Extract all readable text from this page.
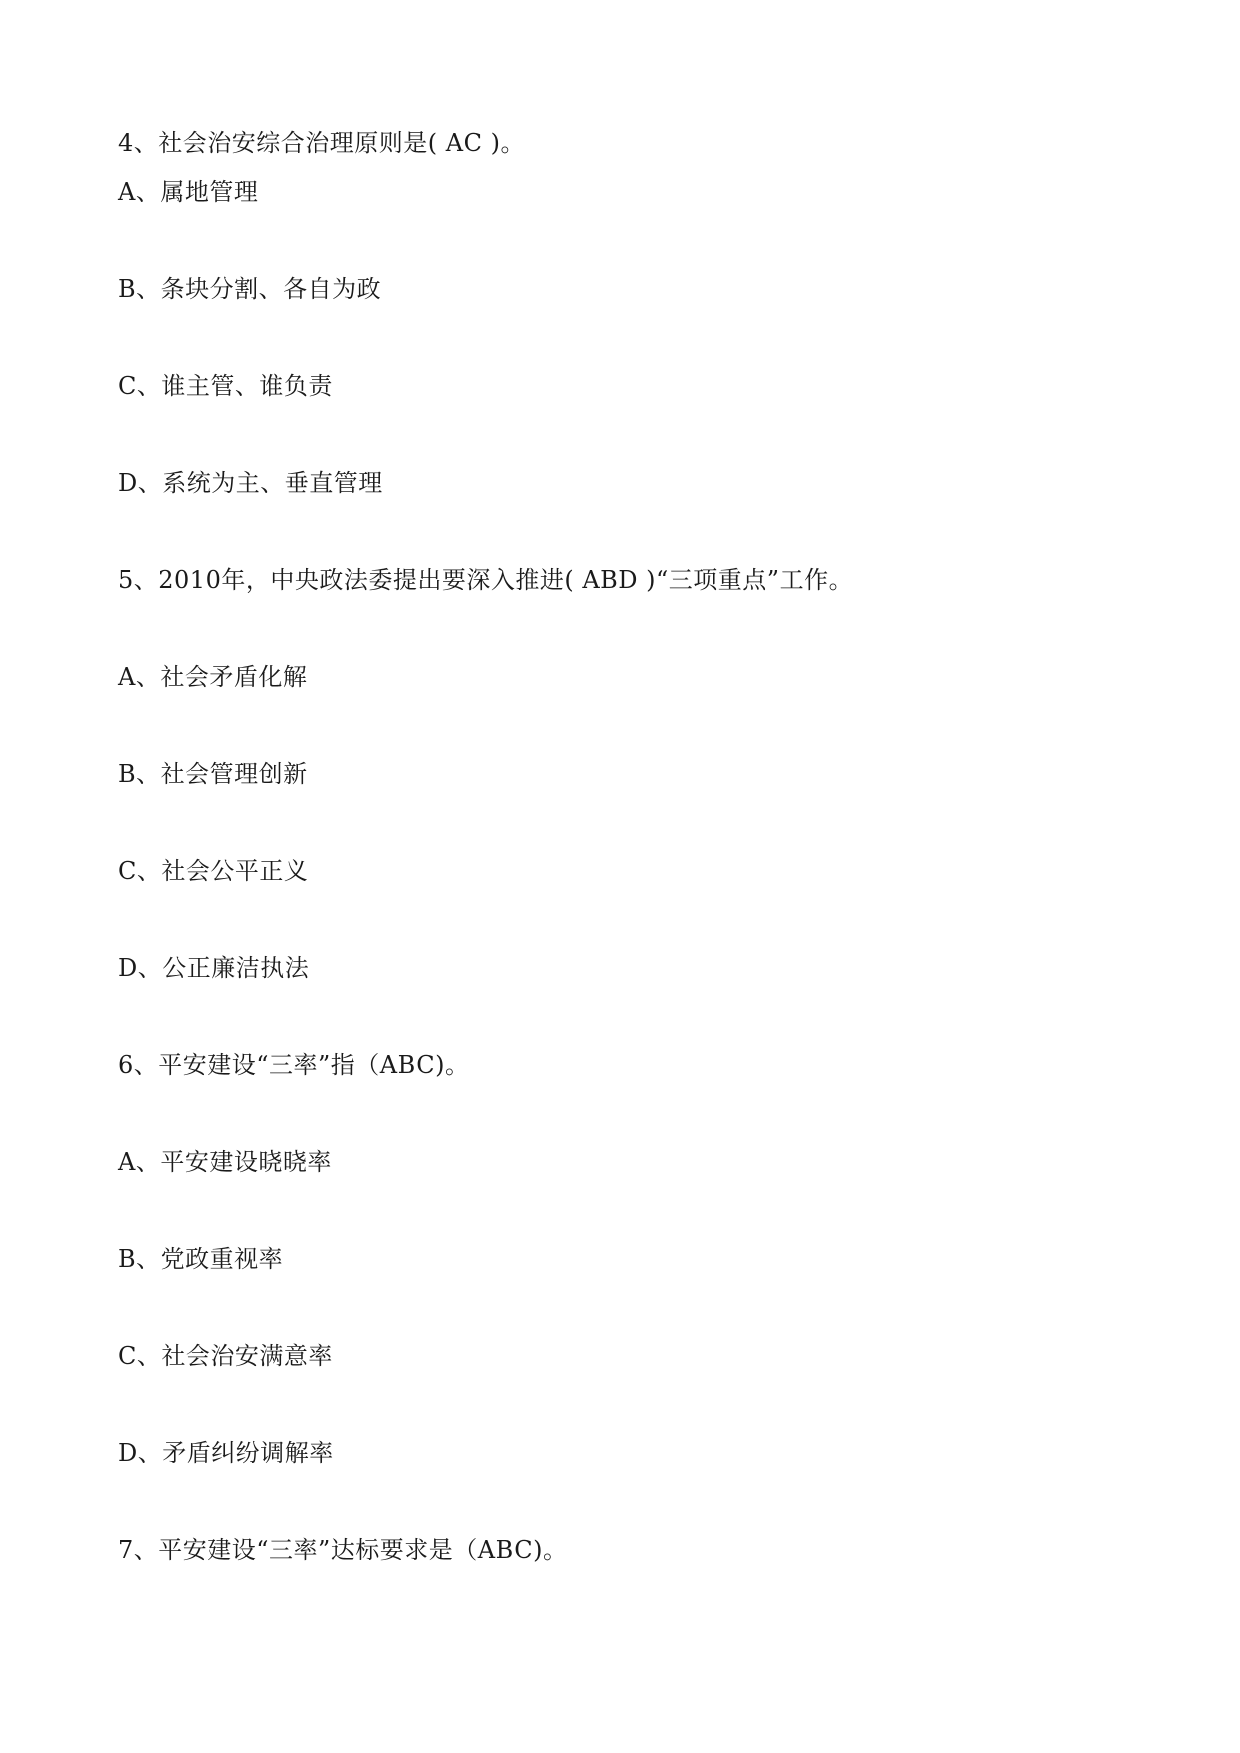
4、社会治安综合治理原则是( AC )。
A、属地管理
B、条块分割、各自为政
C、谁主管、谁负责
D、系统为主、垂直管理
5、2010年，中央政法委提出要深入推进( ABD )“三项重点”工作。
A、社会矛盾化解
B、社会管理创新
C、社会公平正义
D、公正廉洁执法
6、平安建设“三率”指（ABC)。
A、平安建设晓晓率
B、党政重视率
C、社会治安满意率
D、矛盾纠纷调解率
7、平安建设“三率”达标要求是（ABC)。
